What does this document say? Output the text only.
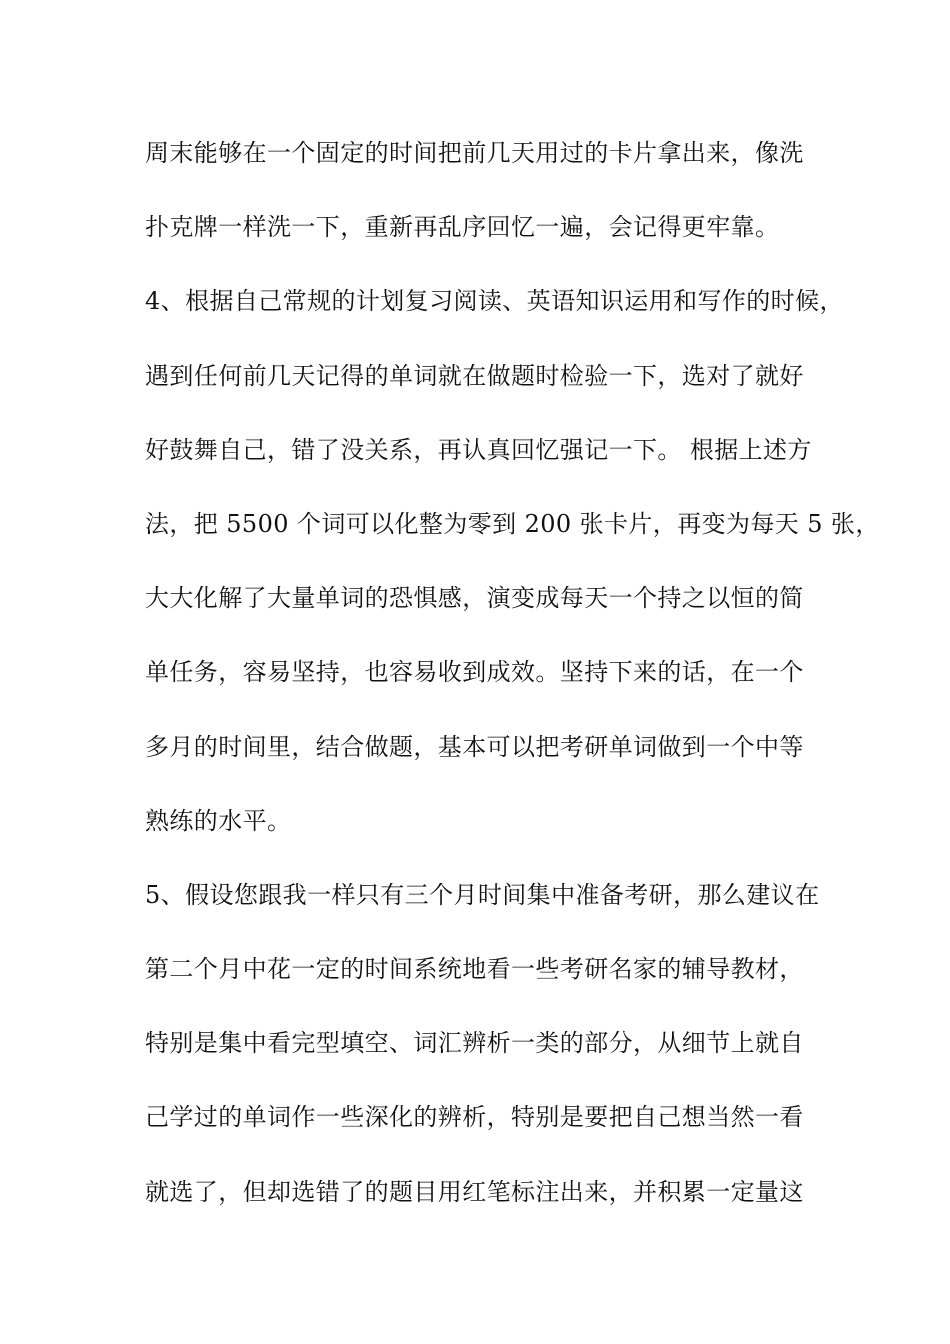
周末能够在一个固定的时间把前几天用过的卡片拿出来，像洗
扑克牌一样洗一下，重新再乱序回忆一遍，会记得更牢靠。
4、根据自己常规的计划复习阅读、英语知识运用和写作的时候，
遇到任何前几天记得的单词就在做题时检验一下，选对了就好
好鼓舞自己，错了没关系，再认真回忆强记一下。 根据上述方
法，把 5500 个词可以化整为零到 200 张卡片，再变为每天 5 张，
大大化解了大量单词的恐惧感，演变成每天一个持之以恒的简
单任务，容易坚持，也容易收到成效。坚持下来的话，在一个
多月的时间里，结合做题，基本可以把考研单词做到一个中等
熟练的水平。
5、假设您跟我一样只有三个月时间集中准备考研，那么建议在
第二个月中花一定的时间系统地看一些考研名家的辅导教材，
特别是集中看完型填空、词汇辨析一类的部分，从细节上就自
己学过的单词作一些深化的辨析，特别是要把自己想当然一看
就选了，但却选错了的题目用红笔标注出来，并积累一定量这
